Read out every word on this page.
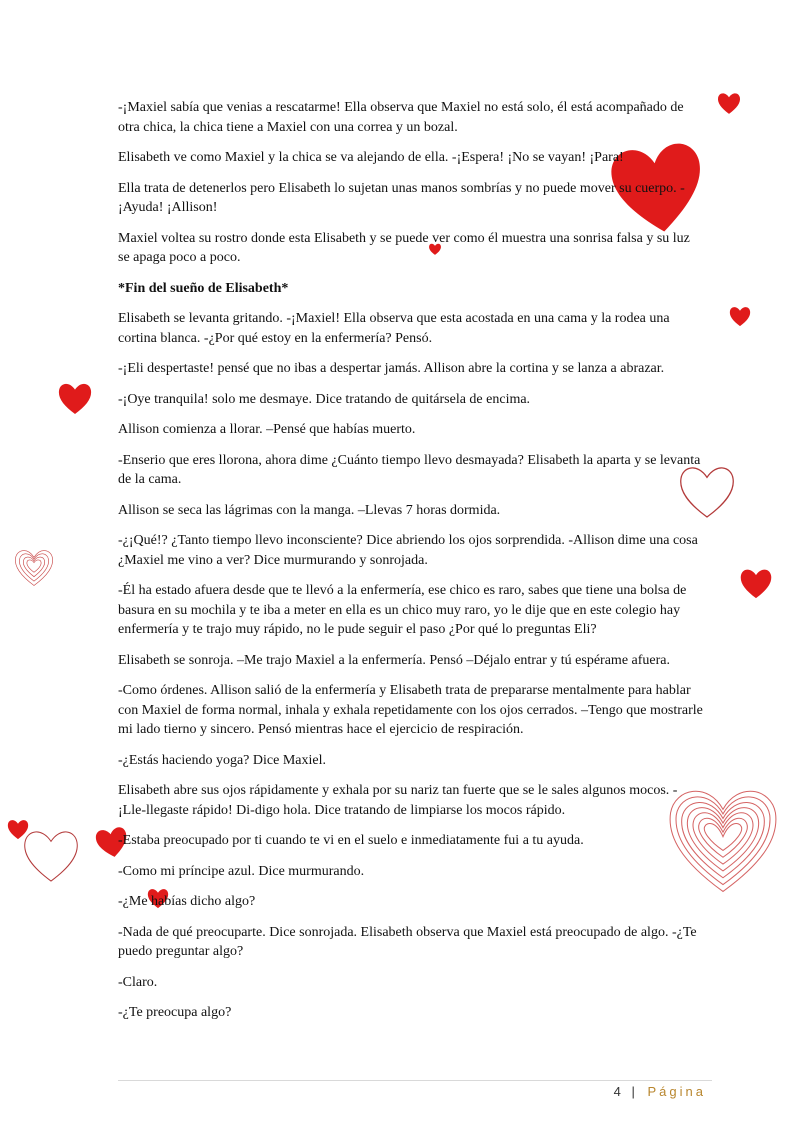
-¡Maxiel sabía que venias a rescatarme! Ella observa que Maxiel no está solo, él está acompañado de otra chica, la chica tiene a Maxiel con una correa y un bozal.

Elisabeth ve como Maxiel y la chica se va alejando de ella. -¡Espera! ¡No se vayan! ¡Para!

Ella trata de detenerlos pero Elisabeth lo sujetan unas manos sombrías y no puede mover su cuerpo. -¡Ayuda! ¡Allison!

Maxiel voltea su rostro donde esta Elisabeth y se puede ver como él muestra una sonrisa falsa y su luz se apaga poco a poco.

*Fin del sueño de Elisabeth*

Elisabeth se levanta gritando. -¡Maxiel! Ella observa que esta acostada en una cama y la rodea una cortina blanca. -¿Por qué estoy en la enfermería? Pensó.

-¡Eli despertaste! pensé que no ibas a despertar jamás. Allison abre la cortina y se lanza a abrazar.

-¡Oye tranquila! solo me desmaye. Dice tratando de quitársela de encima.

Allison comienza a llorar. –Pensé que habías muerto.

-Enserio que eres llorona, ahora dime ¿Cuánto tiempo llevo desmayada? Elisabeth la aparta y se levanta de la cama.

Allison se seca las lágrimas con la manga. –Llevas 7 horas dormida.

-¿¡Qué!? ¿Tanto tiempo llevo inconsciente? Dice abriendo los ojos sorprendida. -Allison dime una cosa ¿Maxiel me vino a ver? Dice murmurando y sonrojada.

-Él ha estado afuera desde que te llevó a la enfermería, ese chico es raro, sabes que tiene una bolsa de basura en su mochila y te iba a meter en ella es un chico muy raro, yo le dije que en este colegio hay enfermería y te trajo muy rápido, no le pude seguir el paso ¿Por qué lo preguntas Eli?

Elisabeth se sonroja. –Me trajo Maxiel a la enfermería. Pensó –Déjalo entrar y tú espérame afuera.

-Como órdenes. Allison salió de la enfermería y Elisabeth trata de prepararse mentalmente para hablar con Maxiel de forma normal, inhala y exhala repetidamente con los ojos cerrados. –Tengo que mostrarle mi lado tierno y sincero. Pensó mientras hace el ejercicio de respiración.

-¿Estás haciendo yoga? Dice Maxiel.

Elisabeth abre sus ojos rápidamente y exhala por su nariz tan fuerte que se le sales algunos mocos. -¡Lle-llegaste rápido! Di-digo hola. Dice tratando de limpiarse los mocos rápido.

-Estaba preocupado por ti cuando te vi en el suelo e inmediatamente fui a tu ayuda.

-Como mi príncipe azul. Dice murmurando.

-¿Me habías dicho algo?

-Nada de qué preocuparte. Dice sonrojada. Elisabeth observa que Maxiel está preocupado de algo. -¿Te puedo preguntar algo?

-Claro.

-¿Te preocupa algo?

4 | Página
